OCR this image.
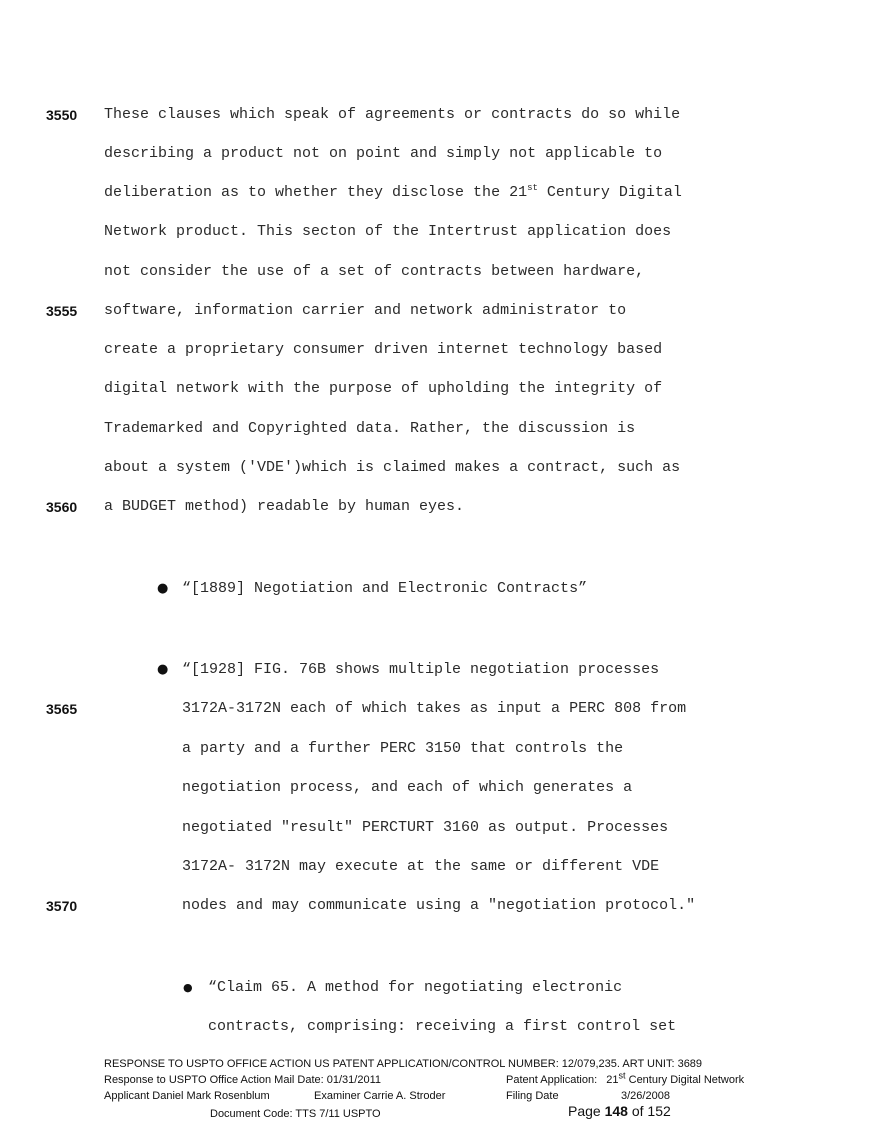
3550
3555
3560
3565
3570
These clauses which speak of agreements or contracts do so while
describing a product not on point and simply not applicable to
deliberation as to whether they disclose the 21st Century Digital
Network product. This secton of the Intertrust application does
not consider the use of a set of contracts between hardware,
software, information carrier and network administrator to
create a proprietary consumer driven internet technology based
digital network with the purpose of upholding the integrity of
Trademarked and Copyrighted data. Rather, the discussion is
about a system ('VDE')which is claimed makes a contract, such as
a BUDGET method) readable by human eyes.
● “[1889] Negotiation and Electronic Contracts”
● “[1928] FIG. 76B shows multiple negotiation processes
3172A-3172N each of which takes as input a PERC 808 from
a party and a further PERC 3150 that controls the
negotiation process, and each of which generates a
negotiated "result" PERCTURT 3160 as output. Processes
3172A- 3172N may execute at the same or different VDE
nodes and may communicate using a "negotiation protocol."
● “Claim 65. A method for negotiating electronic
contracts, comprising: receiving a first control set
RESPONSE TO USPTO OFFICE ACTION US PATENT APPLICATION/CONTROL NUMBER: 12/079,235. ART UNIT: 3689
Response to USPTO Office Action Mail Date: 01/31/2011	Patent Application: 21st Century Digital Network
Applicant Daniel Mark Rosenblum	Examiner Carrie A. Stroder	Filing Date	3/26/2008
Document Code: TTS 7/11 USPTO	Page 148 of 152
